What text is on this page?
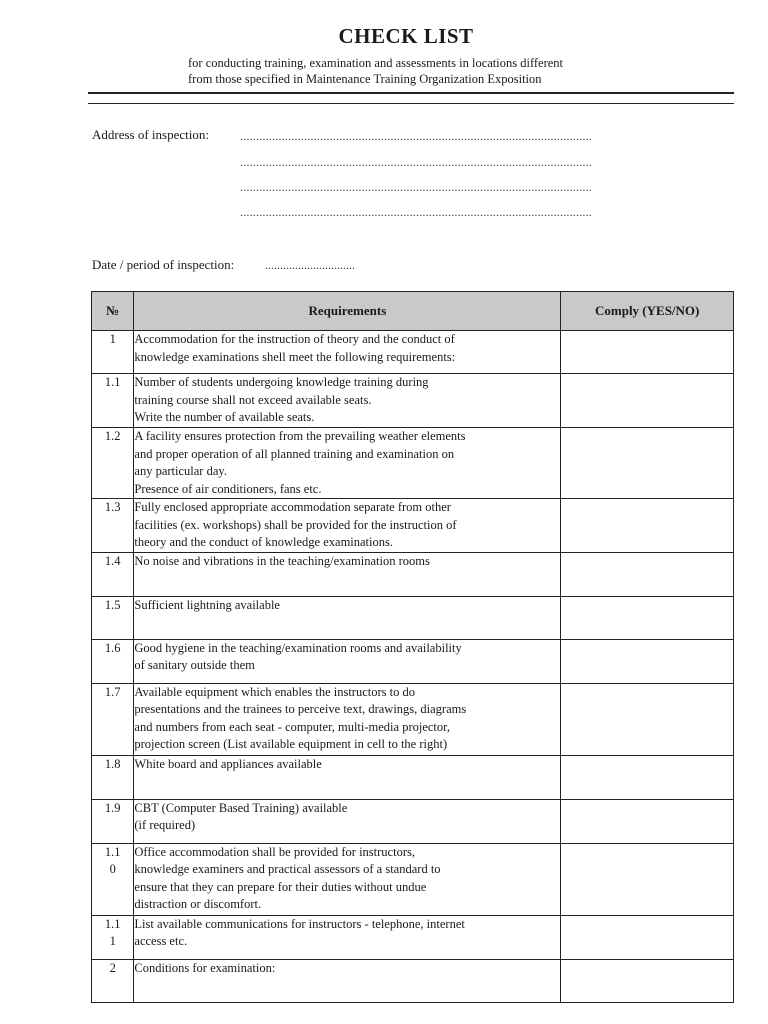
CHECK LIST
for conducting training, examination and assessments in locations different
from those specified in Maintenance Training Organization Exposition
Address of inspection:	..............................................................................................................
..............................................................................................................
..............................................................................................................
..............................................................................................................
Date / period of inspection:	..............................
№	Requirements	Comply (YES/NO)
1	Accommodation for the instruction of theory and the conduct of
knowledge examinations shell meet the following requirements:	
1.1	Number of students undergoing knowledge training during
training course shall not exceed available seats.
Write the number of available seats.	
1.2	A facility ensures protection from the prevailing weather elements
and proper operation of all planned training and examination on
any particular day.
Presence of air conditioners, fans etc.	
1.3	Fully enclosed appropriate accommodation separate from other
facilities (ex. workshops) shall be provided for the instruction of
theory and the conduct of knowledge examinations.	
1.4	No noise and vibrations in the teaching/examination rooms	
1.5	Sufficient lightning available	
1.6	Good hygiene in the teaching/examination rooms and availability
of sanitary outside them	
1.7	Available equipment which enables the instructors to do
presentations and the trainees to perceive text, drawings, diagrams
and numbers from each seat - computer, multi-media projector,
projection screen (List available equipment in cell to the right)	
1.8	White board and appliances available	
1.9	CBT (Computer Based Training) available
(if required)	
1.1
0	Office accommodation shall be provided for instructors,
knowledge examiners and practical assessors of a standard to
ensure that they can prepare for their duties without undue
distraction or discomfort.	
1.1
1	List available communications for instructors - telephone, internet
access etc.	
2	Conditions for examination:	
